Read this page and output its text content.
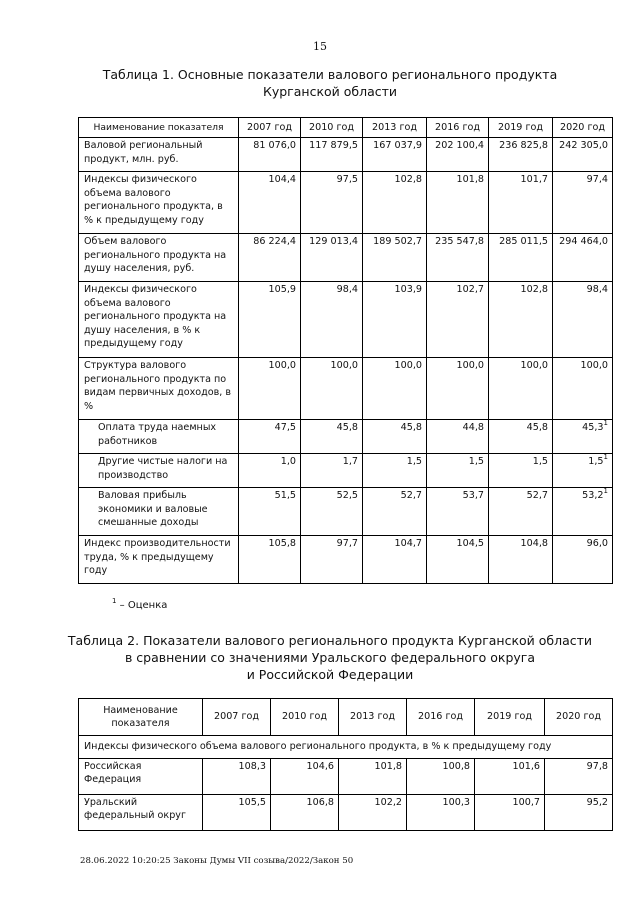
15
Таблица 1. Основные показатели валового регионального продукта
Курганской области
Наименование показателя	2007 год	2010 год	2013 год	2016 год	2019 год	2020 год
Валовой региональный продукт, млн. руб.	81 076,0	117 879,5	167 037,9	202 100,4	236 825,8	242 305,0
Индексы физического объема валового регионального продукта, в % к предыдущему году	104,4	97,5	102,8	101,8	101,7	97,4
Объем валового регионального продукта на душу населения, руб.	86 224,4	129 013,4	189 502,7	235 547,8	285 011,5	294 464,0
Индексы физического объема валового регионального продукта на душу населения, в % к предыдущему году	105,9	98,4	103,9	102,7	102,8	98,4
Структура валового регионального продукта по видам первичных доходов, в %	100,0	100,0	100,0	100,0	100,0	100,0
Оплата труда наемных работников	47,5	45,8	45,8	44,8	45,8	45,3$^1$
Другие чистые налоги на производство	1,0	1,7	1,5	1,5	1,5	$1,5^1$
Валовая прибыль экономики и валовые смешанные доходы	51,5	52,5	52,7	53,7	52,7	53,2$^1$
Индекс производительности труда, % к предыдущему году	105,8	97,7	104,7	104,5	104,8	96,0
$^1$ – Оценка
Таблица 2. Показатели валового регионального продукта Курганской области
в сравнении со значениями Уральского федерального округа
и Российской Федерации
Наименование показателя	2007 год	2010 год	2013 год	2016 год	2019 год	2020 год
Индексы физического объема валового регионального продукта, в % к предыдущему году						
Российская Федерация	108,3	104,6	101,8	100,8	101,6	97,8
Уральский федеральный округ	105,5	106,8	102,2	100,3	100,7	95,2
28.06.2022 10:20:25 Законы Думы VII созыва/2022/Закон 50
